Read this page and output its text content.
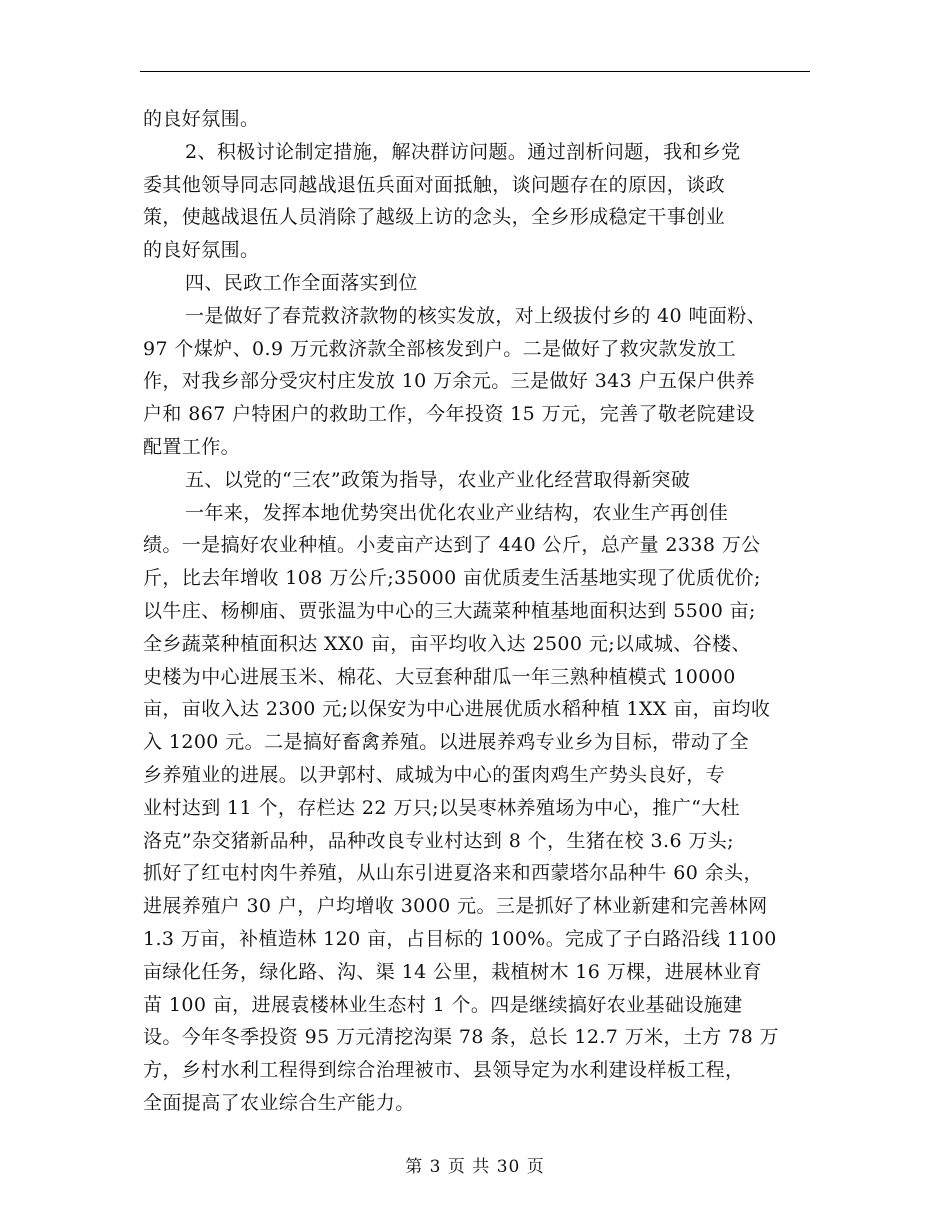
的良好氛围。
2、积极讨论制定措施，解决群访问题。通过剖析问题，我和乡党
委其他领导同志同越战退伍兵面对面抵触，谈问题存在的原因，谈政
策，使越战退伍人员消除了越级上访的念头，全乡形成稳定干事创业
的良好氛围。
四、民政工作全面落实到位
一是做好了春荒救济款物的核实发放，对上级拔付乡的 40 吨面粉、
97 个煤炉、0.9 万元救济款全部核发到户。二是做好了救灾款发放工
作，对我乡部分受灾村庄发放 10 万余元。三是做好 343 户五保户供养
户和 867 户特困户的救助工作，今年投资 15 万元，完善了敬老院建设
配置工作。
五、以党的“三农”政策为指导，农业产业化经营取得新突破
一年来，发挥本地优势突出优化农业产业结构，农业生产再创佳
绩。一是搞好农业种植。小麦亩产达到了 440 公斤，总产量 2338 万公
斤，比去年增收 108 万公斤;35000 亩优质麦生活基地实现了优质优价;
以牛庄、杨柳庙、贾张温为中心的三大蔬菜种植基地面积达到 5500 亩;
全乡蔬菜种植面积达 XX0 亩，亩平均收入达 2500 元;以咸城、谷楼、
史楼为中心进展玉米、棉花、大豆套种甜瓜一年三熟种植模式 10000
亩，亩收入达 2300 元;以保安为中心进展优质水稻种植 1XX 亩，亩均收
入 1200 元。二是搞好畜禽养殖。以进展养鸡专业乡为目标，带动了全
乡养殖业的进展。以尹郭村、咸城为中心的蛋肉鸡生产势头良好，专
业村达到 11 个，存栏达 22 万只;以吴枣林养殖场为中心，推广“大杜
洛克”杂交猪新品种，品种改良专业村达到 8 个，生猪在校 3.6 万头;
抓好了红屯村肉牛养殖，从山东引进夏洛来和西蒙塔尔品种牛 60 余头，
进展养殖户 30 户，户均增收 3000 元。三是抓好了林业新建和完善林网
1.3 万亩，补植造林 120 亩，占目标的 100%。完成了子白路沿线 1100
亩绿化任务，绿化路、沟、渠 14 公里，栽植树木 16 万棵，进展林业育
苗 100 亩，进展袁楼林业生态村 1 个。四是继续搞好农业基础设施建
设。今年冬季投资 95 万元清挖沟渠 78 条，总长 12.7 万米，土方 78 万
方，乡村水利工程得到综合治理被市、县领导定为水利建设样板工程，
全面提高了农业综合生产能力。
第 3 页 共 30 页
